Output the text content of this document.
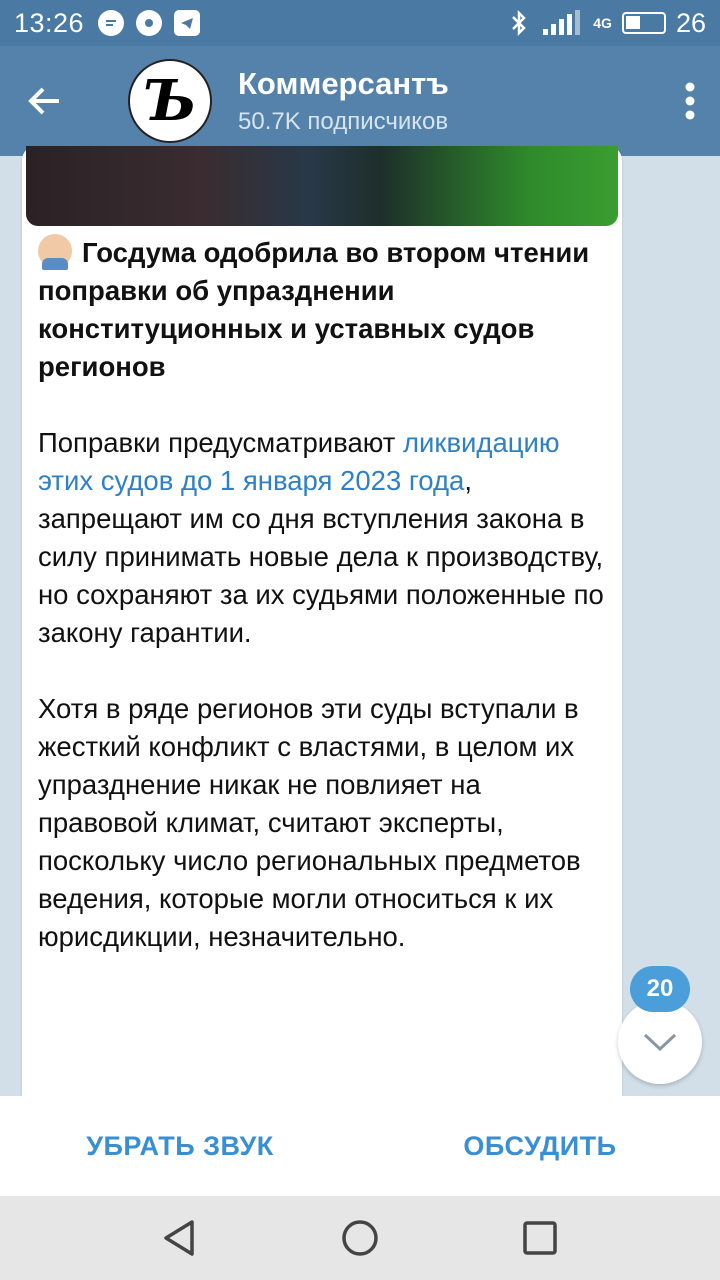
13:26	4G 26
Ъ Коммерсантъ
50.7K подписчиков
Госдума одобрила во втором чтении поправки об упразднении конституционных и уставных судов регионов
Поправки предусматривают ликвидацию этих судов до 1 января 2023 года, запрещают им со дня вступления закона в силу принимать новые дела к производству, но сохраняют за их судьями положенные по закону гарантии.
Хотя в ряде регионов эти суды вступали в жесткий конфликт с властями, в целом их упразднение никак не повлияет на правовой климат, считают эксперты, поскольку число региональных предметов ведения, которые могли относиться к их юрисдикции, незначительно.
20
УБРАТЬ ЗВУК	ОБСУДИТЬ
